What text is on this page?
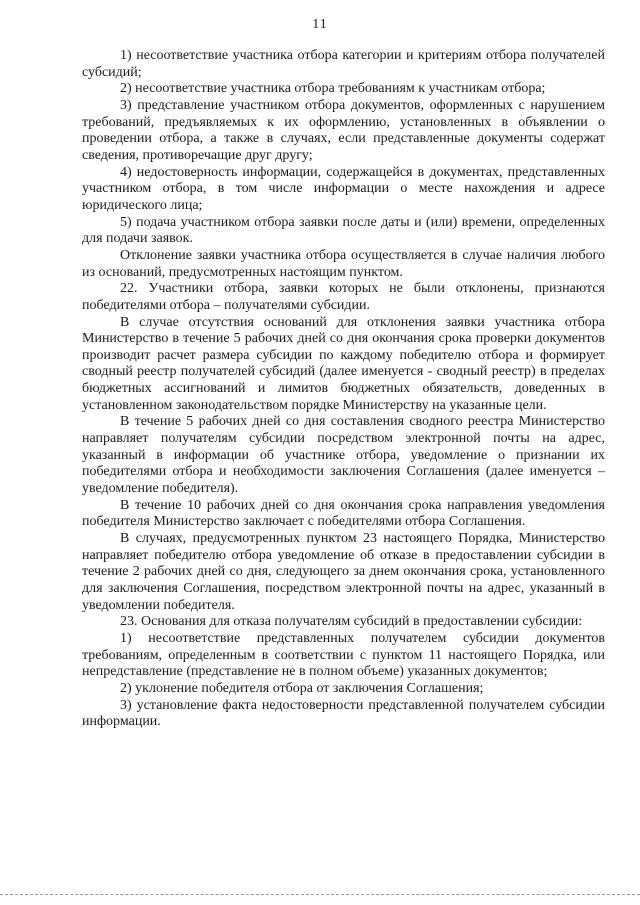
11

1) несоответствие участника отбора категории и критериям отбора получателей субсидий;

2) несоответствие участника отбора требованиям к участникам отбора;

3) представление участником отбора документов, оформленных с нарушением требований, предъявляемых к их оформлению, установленных в объявлении о проведении отбора, а также в случаях, если представленные документы содержат сведения, противоречащие друг другу;

4) недостоверность информации, содержащейся в документах, представленных участником отбора, в том числе информации о месте нахождения и адресе юридического лица;

5) подача участником отбора заявки после даты и (или) времени, определенных для подачи заявок.

Отклонение заявки участника отбора осуществляется в случае наличия любого из оснований, предусмотренных настоящим пунктом.

22. Участники отбора, заявки которых не были отклонены, признаются победителями отбора – получателями субсидии.

В случае отсутствия оснований для отклонения заявки участника отбора Министерство в течение 5 рабочих дней со дня окончания срока проверки документов производит расчет размера субсидии по каждому победителю отбора и формирует сводный реестр получателей субсидий (далее именуется - сводный реестр) в пределах бюджетных ассигнований и лимитов бюджетных обязательств, доведенных в установленном законодательством порядке Министерству на указанные цели.

В течение 5 рабочих дней со дня составления сводного реестра Министерство направляет получателям субсидии посредством электронной почты на адрес, указанный в информации об участнике отбора, уведомление о признании их победителями отбора и необходимости заключения Соглашения (далее именуется – уведомление победителя).

В течение 10 рабочих дней со дня окончания срока направления уведомления победителя Министерство заключает с победителями отбора Соглашения.

В случаях, предусмотренных пунктом 23 настоящего Порядка, Министерство направляет победителю отбора уведомление об отказе в предоставлении субсидии в течение 2 рабочих дней со дня, следующего за днем окончания срока, установленного для заключения Соглашения, посредством электронной почты на адрес, указанный в уведомлении победителя.

23. Основания для отказа получателям субсидий в предоставлении субсидии:

1) несоответствие представленных получателем субсидии документов требованиям, определенным в соответствии с пунктом 11 настоящего Порядка, или непредставление (представление не в полном объеме) указанных документов;

2) уклонение победителя отбора от заключения Соглашения;

3) установление факта недостоверности представленной получателем субсидии информации.
